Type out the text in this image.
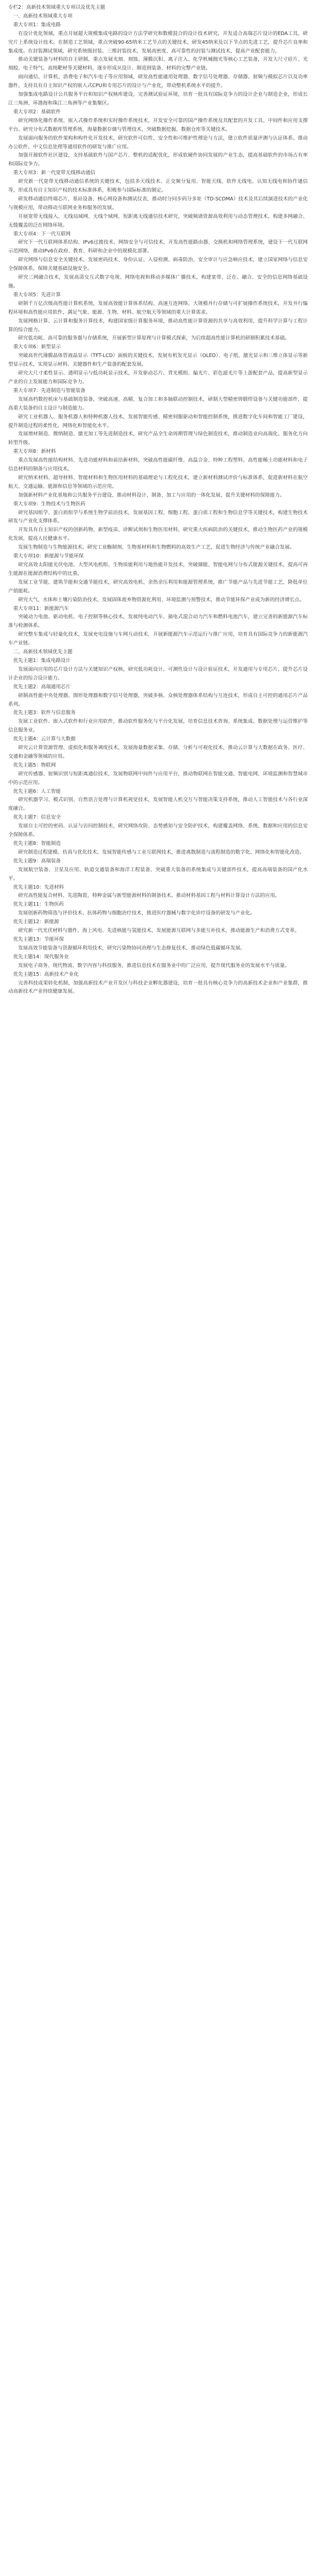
专栏2：高新技术领域重大专项以及优先主题

一、高新技术领域重大专项

重大专项1：集成电路

在设计优化领域，重点开展超大规模集成电路的设计方法学研究和数模混合的设计技术研究，开发适合高端芯片设计的EDA工具，研究片上系统设计技术。在制造工艺领域，重点突破90-65纳米工艺节点的关键技术，研发45纳米及以下节点的先进工艺，提升芯片良率和集成度。在封装测试领域，研究系统级封装、三维封装技术，发展高密度、高可靠性的封装与测试技术，提高产业配套能力。

推动关键装备与材料的自主研制，重点发展光刻、刻蚀、薄膜沉积、离子注入、化学机械抛光等核心工艺装备，开发大尺寸硅片、光刻胶、电子特气、高纯靶材等关键材料，逐步形成从设计、制造到装备、材料的完整产业链。

面向通信、计算机、消费电子和汽车电子等应用领域，研发高性能通用处理器、数字信号处理器、存储器、射频与模拟芯片以及功率器件，支持具有自主知识产权的嵌入式CPU和专用芯片的设计与产业化，带动整机系统水平的提升。

加强集成电路设计公共服务平台和知识产权核库建设，完善测试验证环境，培育一批具有国际竞争力的设计企业与制造企业，形成长江三角洲、环渤海和珠江三角洲等产业集聚区。

重大专项2：基础软件

研究网络化操作系统、嵌入式操作系统和实时操作系统技术，开发安全可靠的国产操作系统及其配套的开发工具、中间件和应用支撑平台。研究分布式数据库管理系统、海量数据存储与管理技术，突破数据挖掘、数据仓库等关键技术。

发展面向服务的软件架构和构件化开发技术，研究软件可信性、安全性和可维护性理论与方法，建立软件质量评测与认证体系。推动办公软件、中文信息处理等通用软件的研发与推广应用。

加强开源软件社区建设，支持基础软件与国产芯片、整机的适配优化，形成软硬件协同发展的产业生态，提高基础软件的市场占有率和国际竞争力。

重大专项3：新一代宽带无线移动通信

研究新一代宽带无线移动通信系统的关键技术，包括多天线技术、正交频分复用、智能天线、软件无线电、认知无线电和协作通信等，形成具有自主知识产权的技术标准体系，积极参与国际标准的制定。

研发移动通信终端芯片、基站设备、核心网设备和测试仪表，推动时分同步码分多址（TD-SCDMA）技术及其后续演进技术的产业化与规模应用，带动移动互联网业务和服务的发展。

开展宽带无线接入、无线局域网、无线个域网、短距离无线通信技术研究，突破频谱资源高效利用与动态管理技术，构建多网融合、无缝覆盖的泛在网络环境。

重大专项4：下一代互联网

研究下一代互联网体系结构、IPv6过渡技术、网络安全与可信技术，开发高性能路由器、交换机和网络管理系统，建设下一代互联网示范网络，推动IPv6在政府、教育、科研和企业中的规模化部署。

研究网络与信息安全关键技术，发展密码技术、身份认证、入侵检测、病毒防治、安全审计与应急响应技术，建立国家网络与信息安全保障体系，保障关键基础设施安全。

研究三网融合技术，发展高清交互式数字电视、网络电视和移动多媒体广播技术，构建宽带、泛在、融合、安全的信息网络基础设施。

重大专项5：先进计算

研制千万亿次级高性能计算机系统，发展高效能计算体系结构、高速互连网络、大规模并行存储与可扩展操作系统技术，开发并行编程环境和高性能应用软件，满足气象、能源、生物、材料、航空航天等领域的重大计算需求。

发展网格计算、云计算和服务计算技术，构建国家级计算服务环境，推动高性能计算资源的共享与高效利用，提升科学计算与工程计算的综合能力。

研究低功耗、高可靠的服务器与存储系统，开展新型计算原理与计算模式探索，为后续超高性能计算机的研制积累技术基础。

重大专项6：新型显示

突破高世代薄膜晶体管液晶显示（TFT-LCD）面板的关键技术，发展有机发光显示（OLED）、电子纸、激光显示和三维立体显示等新型显示技术，实现显示材料、关键器件和生产装备的配套发展。

研究大尺寸柔性显示、透明显示与低功耗显示技术，开发驱动芯片、背光模组、偏光片、彩色滤光片等上游配套产品，提高新型显示产业的自主发展能力和国际竞争力。

重大专项7：先进制造与智能装备

发展高档数控机床与基础制造装备，突破高速、高精、复合加工和多轴联动控制技术，研制大型精密铸锻焊设备与关键功能部件，提高重大装备的自主设计与制造能力。

研究工业机器人、服务机器人和特种机器人技术，发展智能传感、精密伺服驱动和智能控制系统，推进数字化车间和智能工厂建设，提升制造过程的柔性化、网络化和智能化水平。

发展增材制造、微纳制造、激光加工等先进制造技术，研究产品全生命周期管理与绿色制造技术，推动制造业向高端化、服务化方向转型升级。

重大专项8：新材料

重点发展高性能结构材料、先进功能材料和前沿新材料，突破高性能碳纤维、高温合金、特种工程塑料、高性能稀土功能材料和电子信息材料的制备与应用技术。

研究纳米材料、超导材料、智能材料和生物医用材料的基础理论与工程化技术，建立新材料测试评价与标准体系，促进新材料在航空航天、交通运输、能源和信息等领域的示范应用。

加强新材料产业化基地和公共服务平台建设，推动材料设计、制备、加工与应用的一体化发展，提升关键材料的保障能力。

重大专项9：生物技术与生物医药

研究基因组学、蛋白质组学与系统生物学前沿技术，发展基因工程、细胞工程、蛋白质工程和生物信息学等关键技术，构建生物技术研发与产业化支撑体系。

开发具有自主知识产权的创新药物、新型疫苗、诊断试剂和生物医用材料，研究重大疾病防治的关键技术，推动生物医药产业的规模化发展，提高人民健康水平。

发展生物制造与生物能源技术，研究工业酶制剂、生物基材料和生物燃料的高效生产工艺，促进生物经济与传统产业融合发展。

重大专项10：新能源与节能环保

研究高效太阳能光伏电池、大型风电机组、生物质能利用与地热能开发技术，突破储能、智能电网与分布式能源关键技术，提高可再生能源在能源消费结构中的比重。

发展工业节能、建筑节能和交通节能技术，研究高效电机、余热余压利用和能源管理系统，推广节能产品与先进节能工艺，降低单位产值能耗。

研究大气、水体和土壤污染防治技术，发展固体废弃物资源化利用、环境监测与预警技术，推动节能环保产业成为新的经济增长点。

重大专项11：新能源汽车

突破动力电池、驱动电机、电子控制等核心技术，发展纯电动汽车、插电式混合动力汽车和燃料电池汽车，建立完善的新能源汽车标准与检测体系。

研究整车集成与轻量化技术，发展充电设施与车网互动技术，开展新能源汽车示范运行与推广应用，培育具有国际竞争力的新能源汽车产业链。

二、高新技术领域优先主题

优先主题1：集成电路设计

发展面向应用的芯片设计方法与关键知识产权核，研究低功耗设计、可测性设计与设计验证技术，开发通用与专用芯片，提升芯片设计企业的综合设计能力。

优先主题2：高端通用芯片

研制高性能中央处理器、图形处理器和数字信号处理器，突破多核、众核处理器体系结构与互连技术，形成自主可控的通用芯片产品系列。

优先主题3：软件与信息服务

发展工业软件、嵌入式软件和行业应用软件，推动软件服务化与平台化发展，培育信息技术咨询、系统集成、数据处理与运营维护等信息服务业。

优先主题4：云计算与大数据

研究云计算资源管理、虚拟化和服务调度技术，发展海量数据采集、存储、分析与可视化技术，推动云计算与大数据在政务、医疗、交通和金融等领域的应用。

优先主题5：物联网

研究传感器、射频识别与短距离通信技术，发展物联网中间件与应用平台，推动物联网在智能交通、智能电网、环境监测和智慧城市中的示范应用。

优先主题6：人工智能

研究机器学习、模式识别、自然语言处理与计算机视觉技术，发展智能人机交互与智能决策支持系统，推动人工智能技术与各行业深度融合。

优先主题7：信息安全

发展自主可控的密码、认证与访问控制技术，研究网络攻防、态势感知与安全防护技术，构建覆盖网络、系统、数据和应用的信息安全保障体系。

优先主题8：智能制造

研究制造过程建模、仿真与优化技术，发展智能传感与工业互联网技术，推进离散制造与流程制造的数字化、网络化和智能化改造。

优先主题9：高端装备

发展航空装备、卫星及应用、轨道交通装备和海洋工程装备，突破重大装备的系统集成与关键部件技术，提高高端装备的国产化水平。

优先主题10：先进材料

研究高性能复合材料、先进陶瓷、特种金属与新型能源材料的制备技术，推动材料基因工程与材料计算设计方法的应用。

优先主题11：生物医药

发展创新药物筛选与评价技术、抗体药物与细胞治疗技术，推进医疗器械与数字化诊疗设备的研发与产业化。

优先主题12：新能源

研究新一代光伏材料与器件、海上风电、先进核能与氢能技术，发展能源互联网与多能互补技术，推动能源生产和消费方式变革。

优先主题13：节能环保

发展高效节能装备与资源循环利用技术，研究污染物协同治理与生态修复技术，推动绿色低碳循环发展。

优先主题14：现代服务业

发展电子商务、现代物流、数字内容与科技服务，推进信息技术在服务业中的广泛应用，提升现代服务业的发展水平与质量。

优先主题15：高新技术产业化

完善科技成果转化机制，加强高新技术产业开发区与科技企业孵化器建设，培育一批具有核心竞争力的高新技术企业和产业集群，推动高新技术产业持续健康发展。
